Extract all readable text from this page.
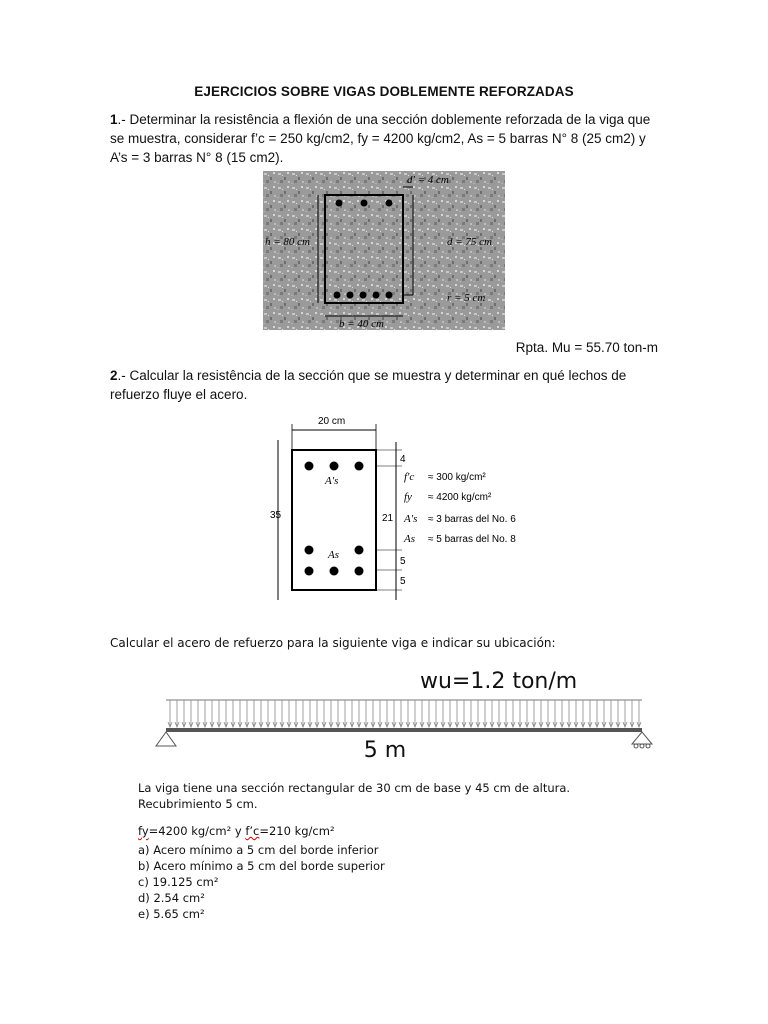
EJERCICIOS SOBRE VIGAS DOBLEMENTE REFORZADAS
1.- Determinar la resistência a flexión de una sección doblemente reforzada de la viga que se muestra, considerar f’c = 250 kg/cm2, fy = 4200 kg/cm2, As = 5 barras N° 8 (25 cm2) y A’s = 3 barras N° 8 (15 cm2).
d' = 4 cm
h = 80 cm	d = 75 cm
r = 5 cm
b = 40 cm
Rpta. Mu = 55.70 ton-m
2.- Calcular la resistência de la sección que se muestra y determinar en qué lechos de refuerzo fluye el acero.
20 cm
35
4
21
5
5
A's
As
f'c ≈ 300 kg/cm²
fy ≈ 4200 kg/cm²
A's ≈ 3 barras del No. 6
As ≈ 5 barras del No. 8
Calcular el acero de refuerzo para la siguiente viga e indicar su ubicación:
wu=1.2 ton/m
5 m
La viga tiene una sección rectangular de 30 cm de base y 45 cm de altura.
Recubrimiento 5 cm.
fy=4200 kg/cm² y f’c=210 kg/cm²
a) Acero mínimo a 5 cm del borde inferior
b) Acero mínimo a 5 cm del borde superior
c) 19.125 cm²
d) 2.54 cm²
e) 5.65 cm²
